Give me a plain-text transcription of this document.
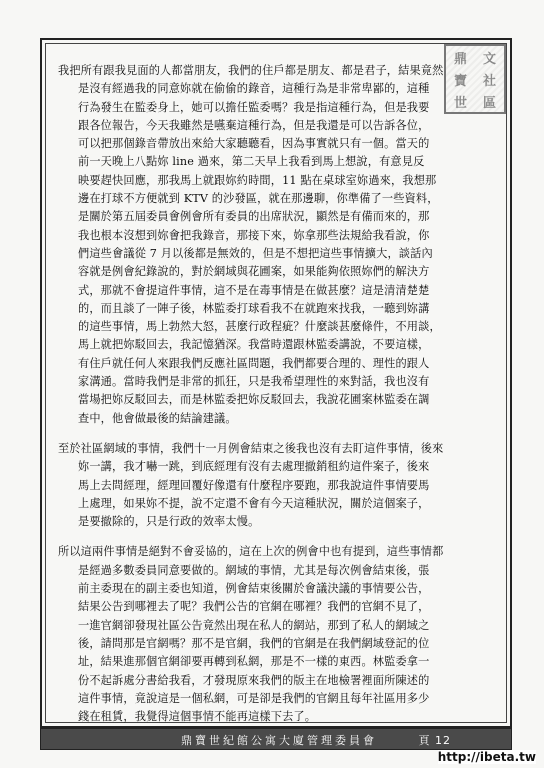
鼎	文
寶	社
世	區
我把所有跟我見面的人都當朋友，我們的住戶都是朋友、都是君子，結果竟然
是沒有經過我的同意妳就在偷偷的錄音，這種行為是非常卑鄙的，這種
行為發生在監委身上，她可以擔任監委嗎？我是指這種行為，但是我要
跟各位報告，今天我雖然是嚥棄這種行為，但是我還是可以告訴各位，
可以把那個錄音帶放出來給大家聽聽看，因為事實就只有一個。當天的
前一天晚上八點妳 line 過來，第二天早上我看到馬上想說，有意見反
映要趕快回應，那我馬上就跟妳約時間，11 點在桌球室妳過來，我想那
邊在打球不方便就到 KTV 的沙發區，就在那邊聊，你準備了一些資料，
是關於第五屆委員會例會所有委員的出席狀況，顯然是有備而來的，那
我也根本沒想到妳會把我錄音，那接下來，妳拿那些法規給我看說，你
們這些會議從 7 月以後都是無效的，但是不想把這些事情擴大，談話內
容就是例會紀錄說的，對於網域與花圃案，如果能夠依照妳們的解決方
式，那就不會提這件事情，這不是在毒事情是在做甚麼？這是清清楚楚
的，而且談了一陣子後，林監委打球看我不在就跑來找我，一聽到妳講
的這些事情，馬上勃然大怒，甚麼行政程疵？什麼談甚麼條件，不用談，
馬上就把妳駁回去，我記憶猶深。我當時還跟林監委講說，不要這樣，
有住戶就任何人來跟我們反應社區問題，我們都要合理的、理性的跟人
家溝通。當時我們是非常的抓狂，只是我希望理性的來對話，我也沒有
當場把妳反駁回去，而是林監委把妳反駁回去，我說花圃案林監委在調
查中，他會做最後的結論建議。
至於社區網域的事情，我們十一月例會結束之後我也沒有去盯這件事情，後來
妳一講，我才嚇一跳，到底經理有沒有去處理撤銷租約這件案子，後來
馬上去問經理，經理回覆好像還有什麼程序要跑，那我說這件事情要馬
上處理，如果妳不提，說不定還不會有今天這種狀況，關於這個案子，
是要撤除的，只是行政的效率太慢。
所以這兩件事情是絕對不會妥協的，這在上次的例會中也有提到，這些事情都
是經過多數委員同意要做的。網域的事情，尤其是每次例會結束後，張
前主委現在的副主委也知道，例會結束後關於會議決議的事情要公告，
結果公告到哪裡去了呢？我們公告的官網在哪裡？我們的官網不見了，
一進官網卻發現社區公告竟然出現在私人的網站，那到了私人的網域之
後，請問那是官網嗎？那不是官網，我們的官網是在我們網域登記的位
址，結果進那個官網卻要再轉到私網，那是不一樣的東西。林監委拿一
份不起訴處分書給我看，才發現原來我們的版主在地檢署裡面所陳述的
這件事情，竟說這是一個私網，可是卻是我們的官網且每年社區用多少
錢在租賃，我覺得這個事情不能再這樣下去了。
鼎寶世紀館公寓大廈管理委員會	頁 12
http://ibeta.tw
